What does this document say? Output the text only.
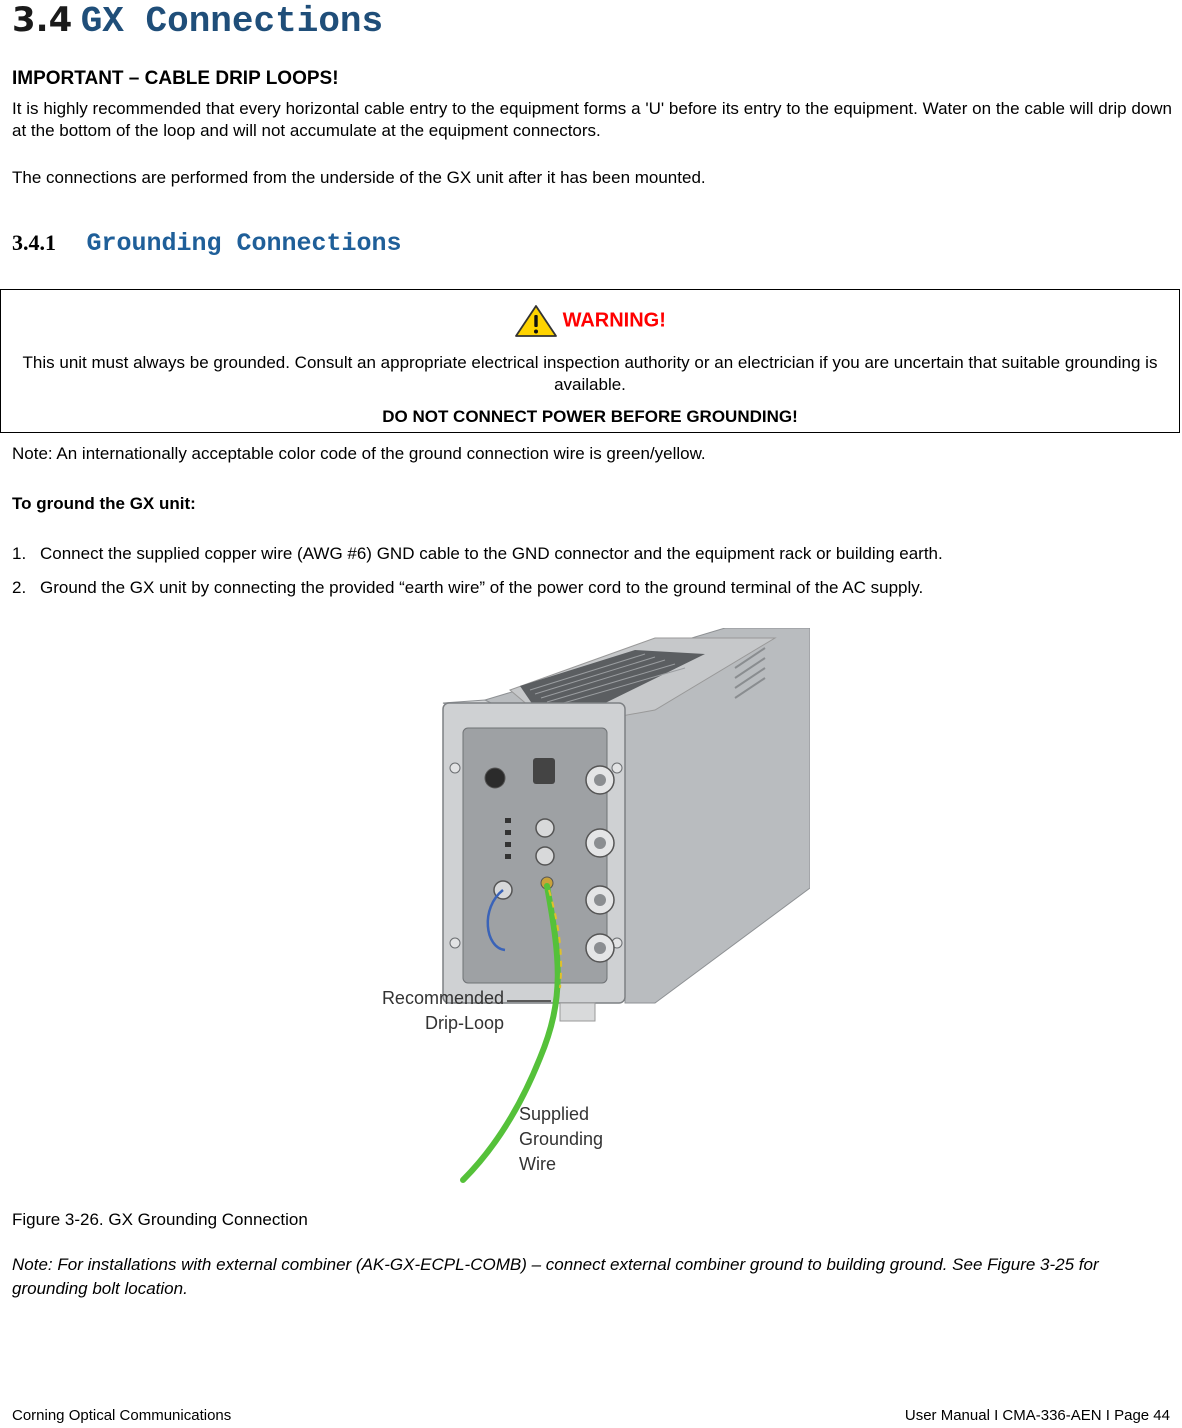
3.4 GX Connections
IMPORTANT – CABLE DRIP LOOPS!
It is highly recommended that every horizontal cable entry to the equipment forms a 'U' before its entry to the equipment. Water on the cable will drip down at the bottom of the loop and will not accumulate at the equipment connectors.
The connections are performed from the underside of the GX unit after it has been mounted.
3.4.1 Grounding Connections
WARNING!
This unit must always be grounded. Consult an appropriate electrical inspection authority or an electrician if you are uncertain that suitable grounding is available.
DO NOT CONNECT POWER BEFORE GROUNDING!
Note: An internationally acceptable color code of the ground connection wire is green/yellow.
To ground the GX unit:
1. Connect the supplied copper wire (AWG #6) GND cable to the GND connector and the equipment rack or building earth.
2. Ground the GX unit by connecting the provided “earth wire” of the power cord to the ground terminal of the AC supply.
Recommended
Drip-Loop
Supplied
Grounding
Wire
Figure 3-26. GX Grounding Connection
Note: For installations with external combiner (AK-GX-ECPL-COMB) – connect external combiner ground to building ground. See Figure 3-25 for grounding bolt location.
Corning Optical Communications	User Manual I CMA-336-AEN I Page 44
